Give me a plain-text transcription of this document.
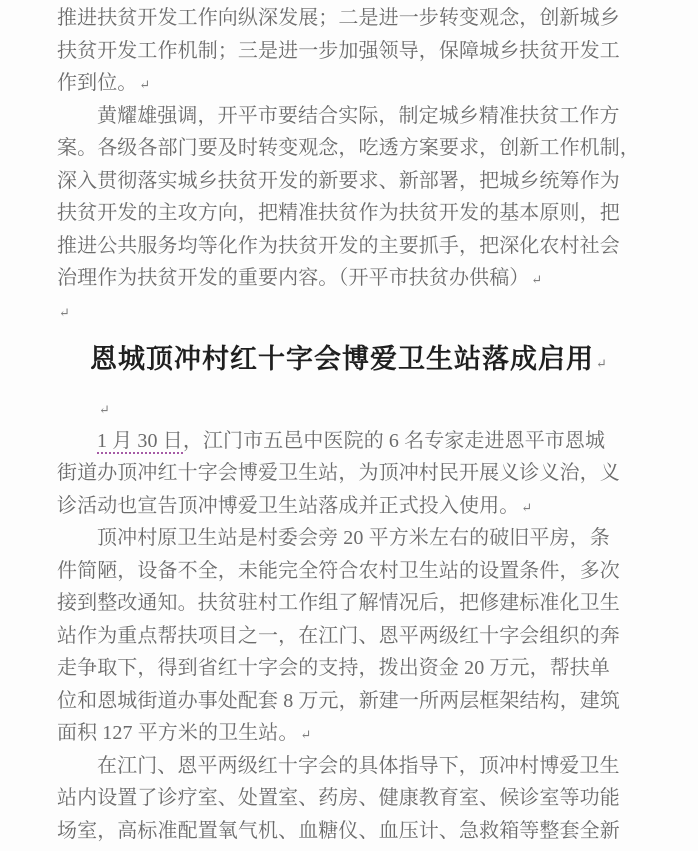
推进扶贫开发工作向纵深发展；二是进一步转变观念，创新城乡
扶贫开发工作机制；三是进一步加强领导，保障城乡扶贫开发工
作到位。 ↵
黄耀雄强调，开平市要结合实际，制定城乡精准扶贫工作方
案。各级各部门要及时转变观念，吃透方案要求，创新工作机制，
深入贯彻落实城乡扶贫开发的新要求、新部署，把城乡统筹作为
扶贫开发的主攻方向，把精准扶贫作为扶贫开发的基本原则，把
推进公共服务均等化作为扶贫开发的主要抓手，把深化农村社会
治理作为扶贫开发的重要内容。（开平市扶贫办供稿） ↵
↵
恩城顶冲村红十字会博爱卫生站落成启用 ↵
↵
1 月 30 日，江门市五邑中医院的 6 名专家走进恩平市恩城
街道办顶冲红十字会博爱卫生站，为顶冲村民开展义诊义治，义
诊活动也宣告顶冲博爱卫生站落成并正式投入使用。 ↵
顶冲村原卫生站是村委会旁 20 平方米左右的破旧平房，条
件简陋，设备不全，未能完全符合农村卫生站的设置条件，多次
接到整改通知。扶贫驻村工作组了解情况后，把修建标准化卫生
站作为重点帮扶项目之一，在江门、恩平两级红十字会组织的奔
走争取下，得到省红十字会的支持，拨出资金 20 万元，帮扶单
位和恩城街道办事处配套 8 万元，新建一所两层框架结构，建筑
面积 127 平方米的卫生站。 ↵
在江门、恩平两级红十字会的具体指导下，顶冲村博爱卫生
站内设置了诊疗室、处置室、药房、健康教育室、候诊室等功能
场室，高标准配置氧气机、血糖仪、血压计、急救箱等整套全新
